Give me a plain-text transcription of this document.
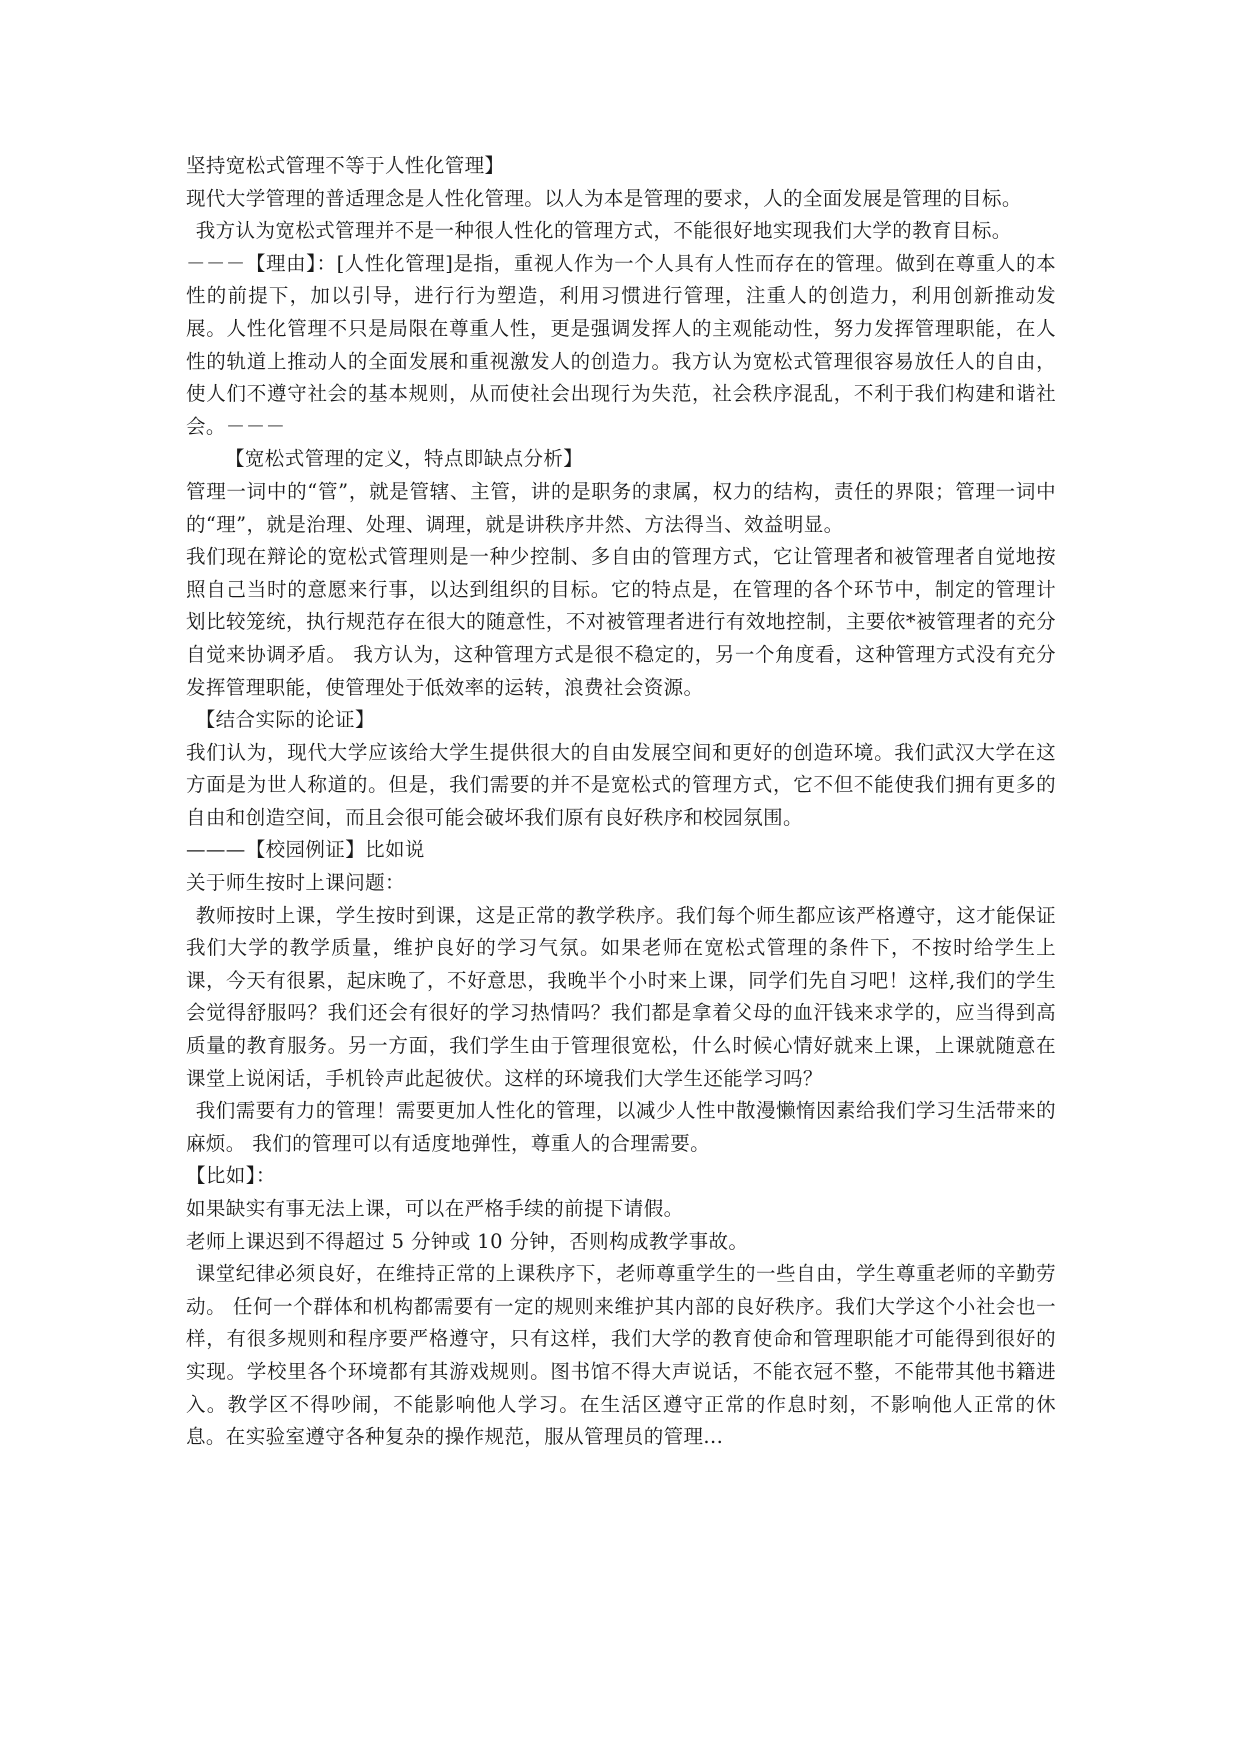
坚持宽松式管理不等于人性化管理】

现代大学管理的普适理念是人性化管理。以人为本是管理的要求，人的全面发展是管理的目标。

我方认为宽松式管理并不是一种很人性化的管理方式，不能很好地实现我们大学的教育目标。

－－－【理由】：[人性化管理]是指，重视人作为一个人具有人性而存在的管理。做到在尊重人的本性的前提下，加以引导，进行行为塑造，利用习惯进行管理，注重人的创造力，利用创新推动发展。人性化管理不只是局限在尊重人性，更是强调发挥人的主观能动性，努力发挥管理职能，在人性的轨道上推动人的全面发展和重视激发人的创造力。我方认为宽松式管理很容易放任人的自由，使人们不遵守社会的基本规则，从而使社会出现行为失范，社会秩序混乱，不利于我们构建和谐社会。－－－

【宽松式管理的定义，特点即缺点分析】

管理一词中的“管”，就是管辖、主管，讲的是职务的隶属，权力的结构，责任的界限；管理一词中的“理”，就是治理、处理、调理，就是讲秩序井然、方法得当、效益明显。

我们现在辩论的宽松式管理则是一种少控制、多自由的管理方式，它让管理者和被管理者自觉地按照自己当时的意愿来行事，以达到组织的目标。它的特点是，在管理的各个环节中，制定的管理计划比较笼统，执行规范存在很大的随意性，不对被管理者进行有效地控制，主要依*被管理者的充分自觉来协调矛盾。 我方认为，这种管理方式是很不稳定的，另一个角度看，这种管理方式没有充分发挥管理职能，使管理处于低效率的运转，浪费社会资源。

【结合实际的论证】

我们认为，现代大学应该给大学生提供很大的自由发展空间和更好的创造环境。我们武汉大学在这方面是为世人称道的。但是，我们需要的并不是宽松式的管理方式，它不但不能使我们拥有更多的自由和创造空间，而且会很可能会破坏我们原有良好秩序和校园氛围。

———【校园例证】比如说

关于师生按时上课问题：

教师按时上课，学生按时到课，这是正常的教学秩序。我们每个师生都应该严格遵守，这才能保证我们大学的教学质量，维护良好的学习气氛。如果老师在宽松式管理的条件下，不按时给学生上课，今天有很累，起床晚了，不好意思，我晚半个小时来上课，同学们先自习吧！这样,我们的学生会觉得舒服吗？我们还会有很好的学习热情吗？我们都是拿着父母的血汗钱来求学的，应当得到高质量的教育服务。另一方面，我们学生由于管理很宽松，什么时候心情好就来上课，上课就随意在课堂上说闲话，手机铃声此起彼伏。这样的环境我们大学生还能学习吗？

我们需要有力的管理！需要更加人性化的管理，以减少人性中散漫懒惰因素给我们学习生活带来的麻烦。 我们的管理可以有适度地弹性，尊重人的合理需要。

【比如】：

如果缺实有事无法上课，可以在严格手续的前提下请假。

老师上课迟到不得超过 5 分钟或 10 分钟，否则构成教学事故。

课堂纪律必须良好，在维持正常的上课秩序下，老师尊重学生的一些自由，学生尊重老师的辛勤劳动。 任何一个群体和机构都需要有一定的规则来维护其内部的良好秩序。我们大学这个小社会也一样，有很多规则和程序要严格遵守，只有这样，我们大学的教育使命和管理职能才可能得到很好的实现。学校里各个环境都有其游戏规则。图书馆不得大声说话，不能衣冠不整，不能带其他书籍进入。教学区不得吵闹，不能影响他人学习。在生活区遵守正常的作息时刻，不影响他人正常的休息。在实验室遵守各种复杂的操作规范，服从管理员的管理...
